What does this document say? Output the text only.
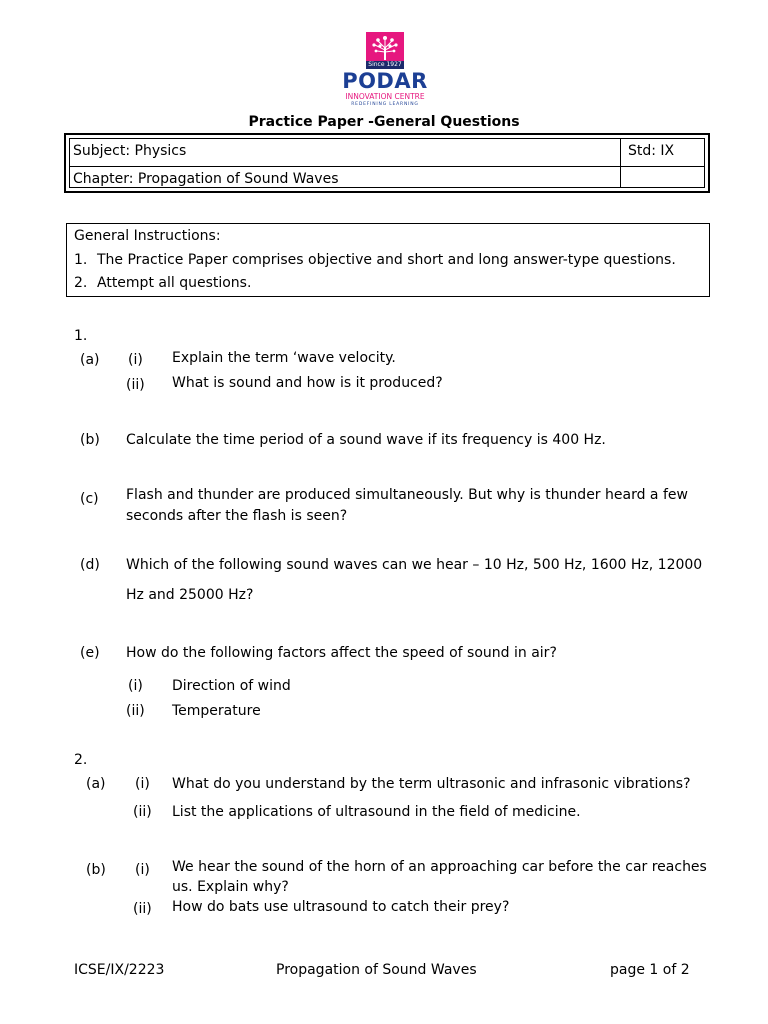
Since 1927
PODAR
INNOVATION CENTRE
REDEFINING LEARNING
Practice Paper -General Questions
Subject: Physics	Std: IX
Chapter: Propagation of Sound Waves
General Instructions:
1. The Practice Paper comprises objective and short and long answer-type questions.
2. Attempt all questions.
1.
(a) (i) Explain the term ‘wave velocity.
(ii) What is sound and how is it produced?
(b) Calculate the time period of a sound wave if its frequency is 400 Hz.
(c) Flash and thunder are produced simultaneously. But why is thunder heard a few
seconds after the flash is seen?
(d) Which of the following sound waves can we hear – 10 Hz, 500 Hz, 1600 Hz, 12000
Hz and 25000 Hz?
(e) How do the following factors affect the speed of sound in air?
(i) Direction of wind
(ii) Temperature
2.
(a) (i) What do you understand by the term ultrasonic and infrasonic vibrations?
(ii) List the applications of ultrasound in the field of medicine.
(b) (i) We hear the sound of the horn of an approaching car before the car reaches
us. Explain why?
(ii) How do bats use ultrasound to catch their prey?
ICSE/IX/2223	Propagation of Sound Waves	page 1 of 2
